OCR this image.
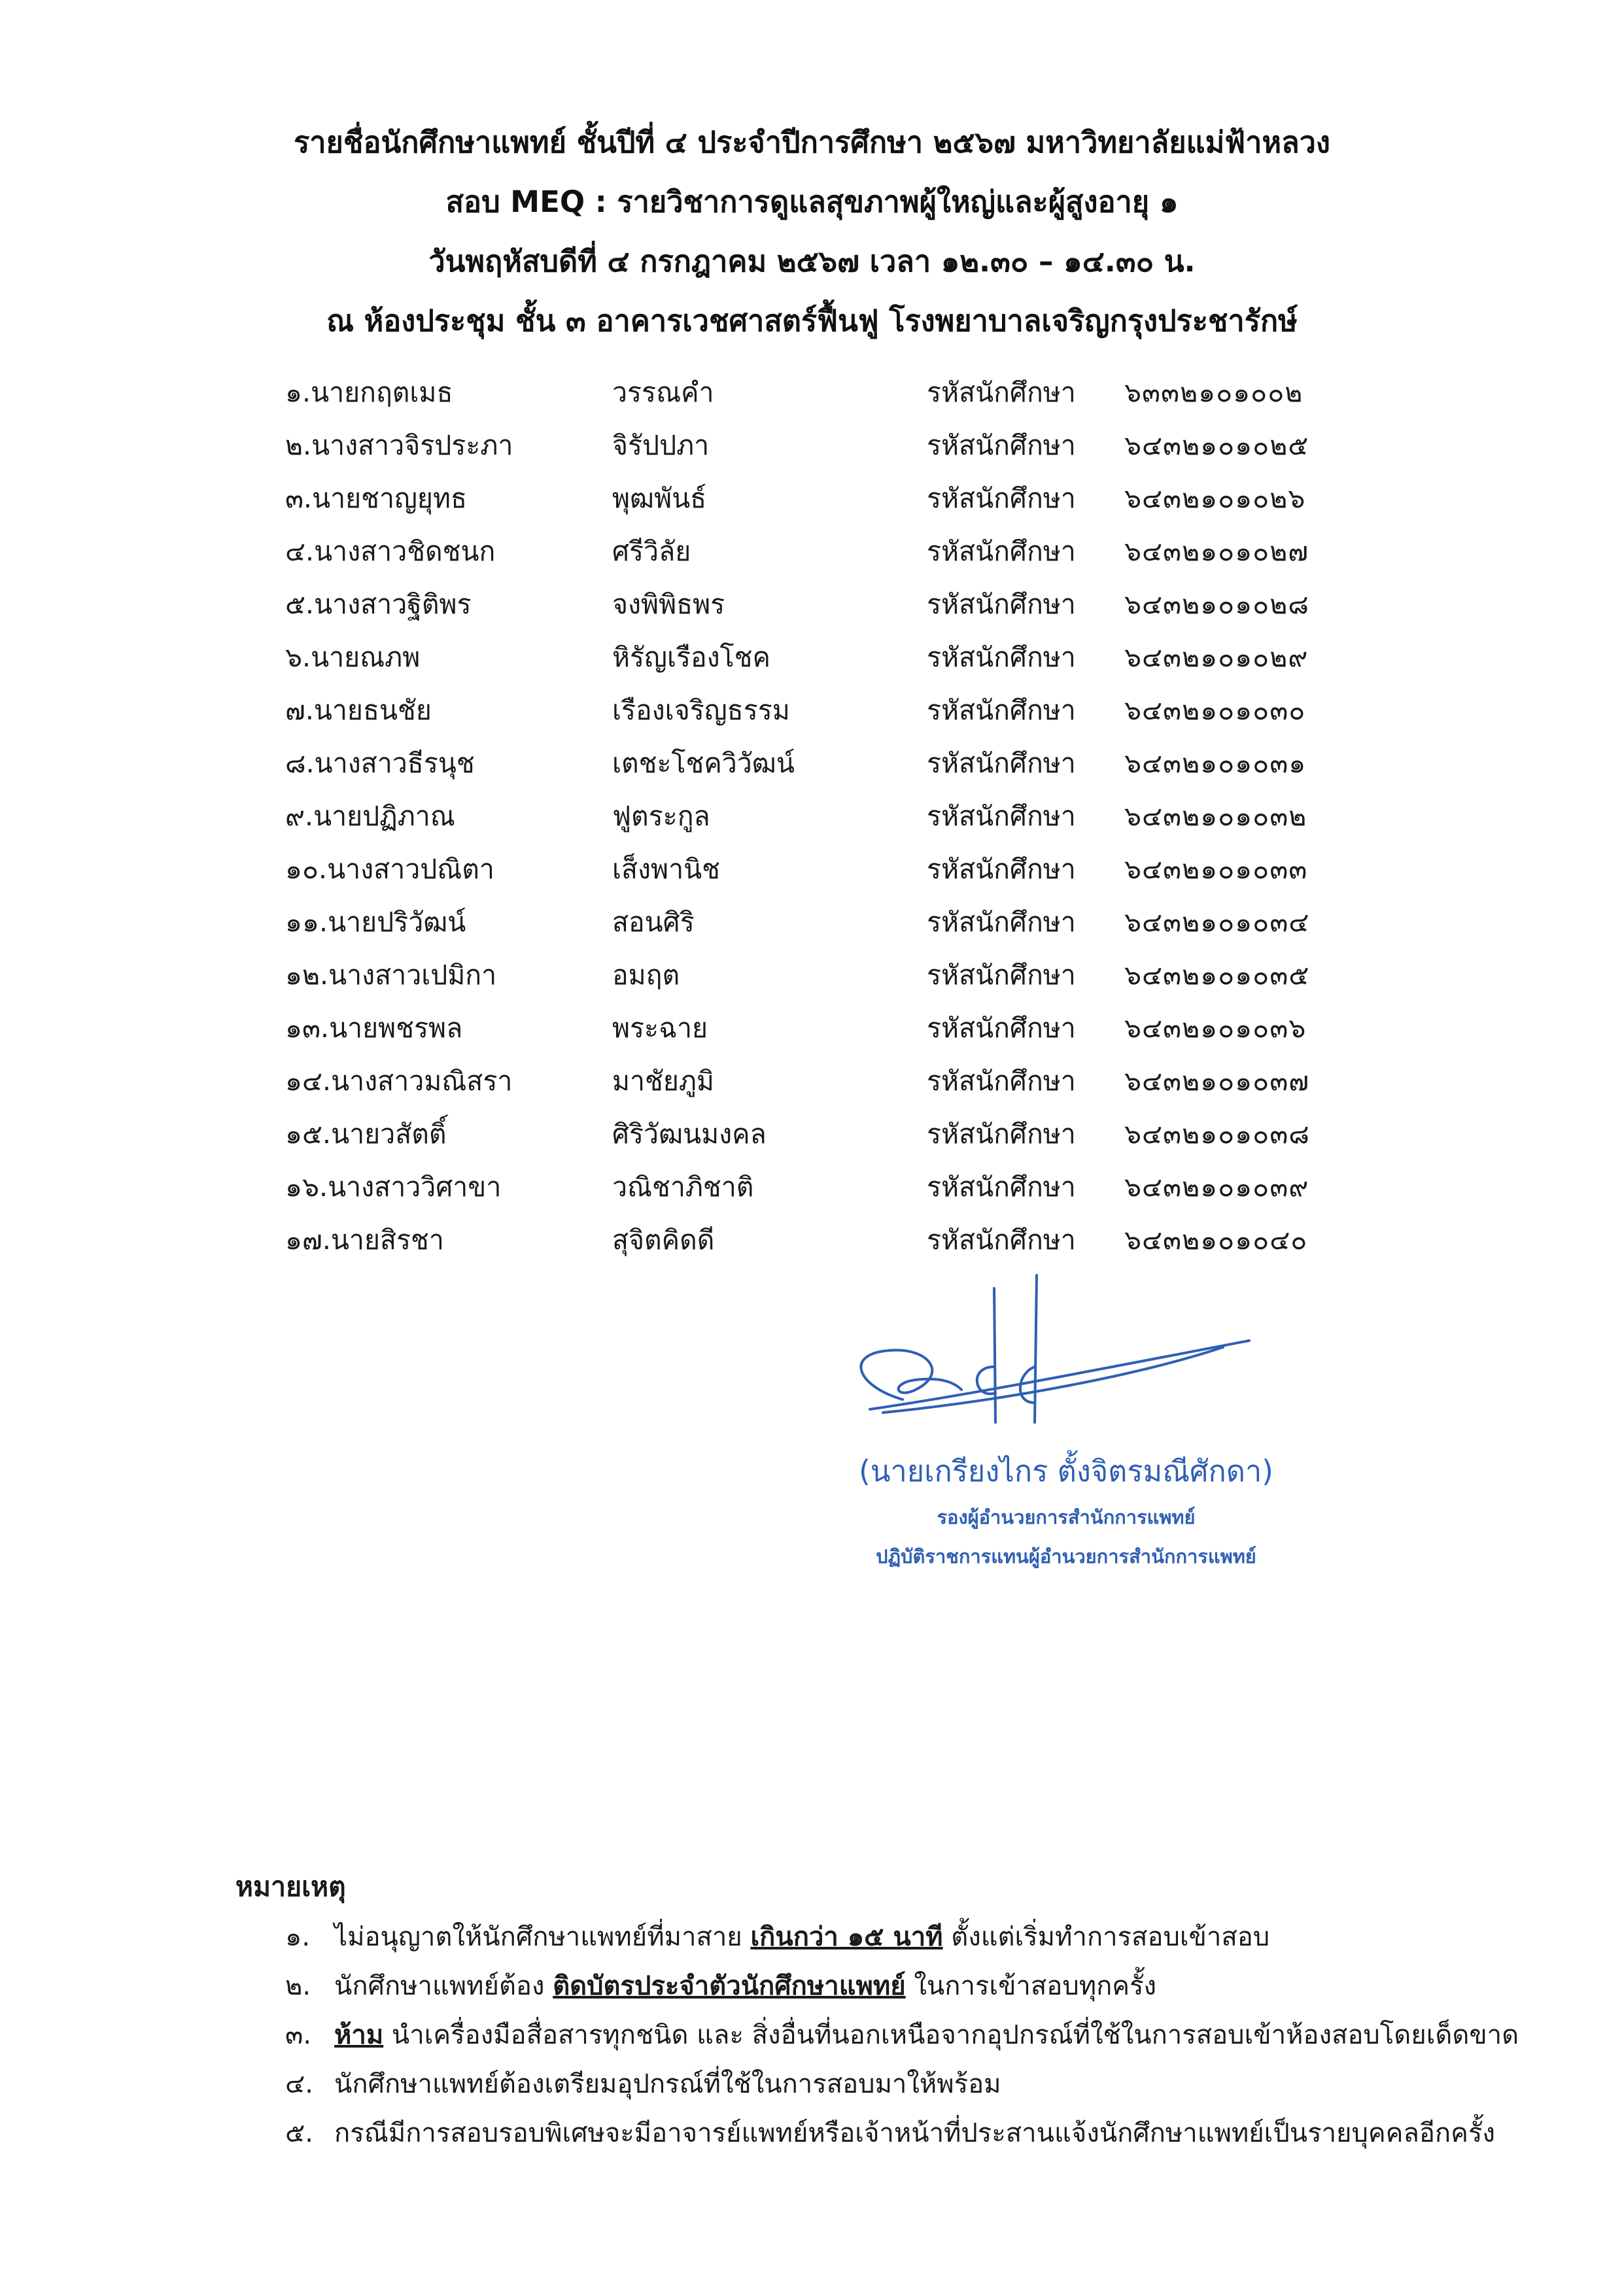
รายชื่อนักศึกษาแพทย์ ชั้นปีที่ ๔ ประจำปีการศึกษา ๒๕๖๗ มหาวิทยาลัยแม่ฟ้าหลวง
สอบ MEQ : รายวิชาการดูแลสุขภาพผู้ใหญ่และผู้สูงอายุ ๑
วันพฤหัสบดีที่ ๔ กรกฎาคม ๒๕๖๗ เวลา ๑๒.๓๐ – ๑๔.๓๐ น.
ณ ห้องประชุม ชั้น ๓ อาคารเวชศาสตร์ฟื้นฟู โรงพยาบาลเจริญกรุงประชารักษ์
๑.นายกฤตเมธ	วรรณคำ	รหัสนักศึกษา ๖๓๓๒๑๐๑๐๐๒
๒.นางสาวจิรประภา	จิรัปปภา	รหัสนักศึกษา ๖๔๓๒๑๐๑๐๒๕
๓.นายชาญยุทธ	พุฒพันธ์	รหัสนักศึกษา ๖๔๓๒๑๐๑๐๒๖
๔.นางสาวชิดชนก	ศรีวิลัย	รหัสนักศึกษา ๖๔๓๒๑๐๑๐๒๗
๕.นางสาวฐิติพร	จงพิพิธพร	รหัสนักศึกษา ๖๔๓๒๑๐๑๐๒๘
๖.นายณภพ	หิรัญเรืองโชค	รหัสนักศึกษา ๖๔๓๒๑๐๑๐๒๙
๗.นายธนชัย	เรืองเจริญธรรม	รหัสนักศึกษา ๖๔๓๒๑๐๑๐๓๐
๘.นางสาวธีรนุช	เตชะโชควิวัฒน์	รหัสนักศึกษา ๖๔๓๒๑๐๑๐๓๑
๙.นายปฏิภาณ	ฟูตระกูล	รหัสนักศึกษา ๖๔๓๒๑๐๑๐๓๒
๑๐.นางสาวปณิตา	เส็งพานิช	รหัสนักศึกษา ๖๔๓๒๑๐๑๐๓๓
๑๑.นายปริวัฒน์	สอนศิริ	รหัสนักศึกษา ๖๔๓๒๑๐๑๐๓๔
๑๒.นางสาวเปมิกา	อมฤต	รหัสนักศึกษา ๖๔๓๒๑๐๑๐๓๕
๑๓.นายพชรพล	พระฉาย	รหัสนักศึกษา ๖๔๓๒๑๐๑๐๓๖
๑๔.นางสาวมณิสรา	มาชัยภูมิ	รหัสนักศึกษา ๖๔๓๒๑๐๑๐๓๗
๑๕.นายวสัตติ์	ศิริวัฒนมงคล	รหัสนักศึกษา ๖๔๓๒๑๐๑๐๓๘
๑๖.นางสาววิศาขา	วณิชาภิชาติ	รหัสนักศึกษา ๖๔๓๒๑๐๑๐๓๙
๑๗.นายสิรชา	สุจิตคิดดี	รหัสนักศึกษา ๖๔๓๒๑๐๑๐๔๐
(นายเกรียงไกร ตั้งจิตรมณีศักดา)
รองผู้อำนวยการสำนักการแพทย์
ปฏิบัติราชการแทนผู้อำนวยการสำนักการแพทย์
หมายเหตุ
๑. ไม่อนุญาตให้นักศึกษาแพทย์ที่มาสาย เกินกว่า ๑๕ นาที ตั้งแต่เริ่มทำการสอบเข้าสอบ
๒. นักศึกษาแพทย์ต้อง ติดบัตรประจำตัวนักศึกษาแพทย์ ในการเข้าสอบทุกครั้ง
๓. ห้าม นำเครื่องมือสื่อสารทุกชนิด และ สิ่งอื่นที่นอกเหนือจากอุปกรณ์ที่ใช้ในการสอบเข้าห้องสอบโดยเด็ดขาด
๔. นักศึกษาแพทย์ต้องเตรียมอุปกรณ์ที่ใช้ในการสอบมาให้พร้อม
๕. กรณีมีการสอบรอบพิเศษจะมีอาจารย์แพทย์หรือเจ้าหน้าที่ประสานแจ้งนักศึกษาแพทย์เป็นรายบุคคลอีกครั้ง
